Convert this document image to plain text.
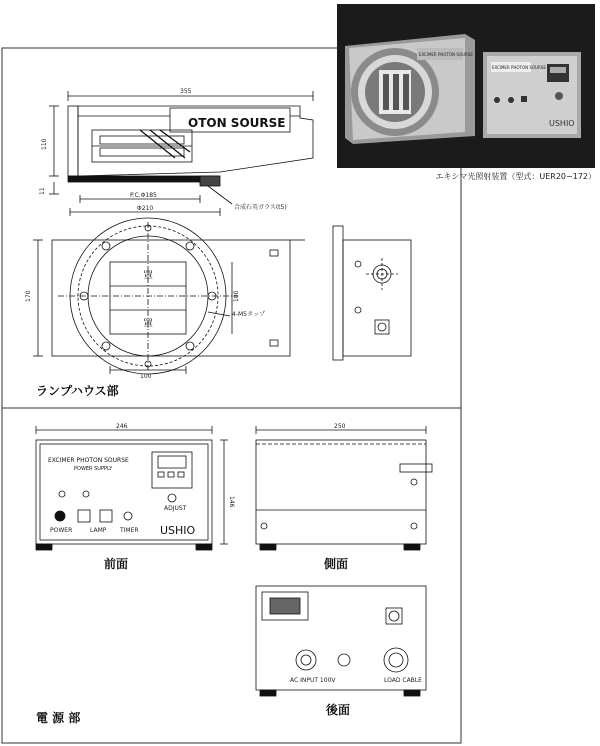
355
110
11
P.C.Φ185
Φ210	合成石英ガラス(t5)
OTON SOURSE
罩
罩
170	100
100
4-M5タップ
ランプハウス部
246
146
EXCIMER PHOTON SOURSE
POWER SUPPLY
POWER	LAMP TIMER
ADJUST
USHIO
前面
250
側面
AC INPUT 100V	LOAD CABLE
後面
電 源 部
EXCIMER PHOTON SOURSE
EXCIMER PHOTON SOURSE
USHIO
エキシマ光照射装置（型式：UER20−172）
